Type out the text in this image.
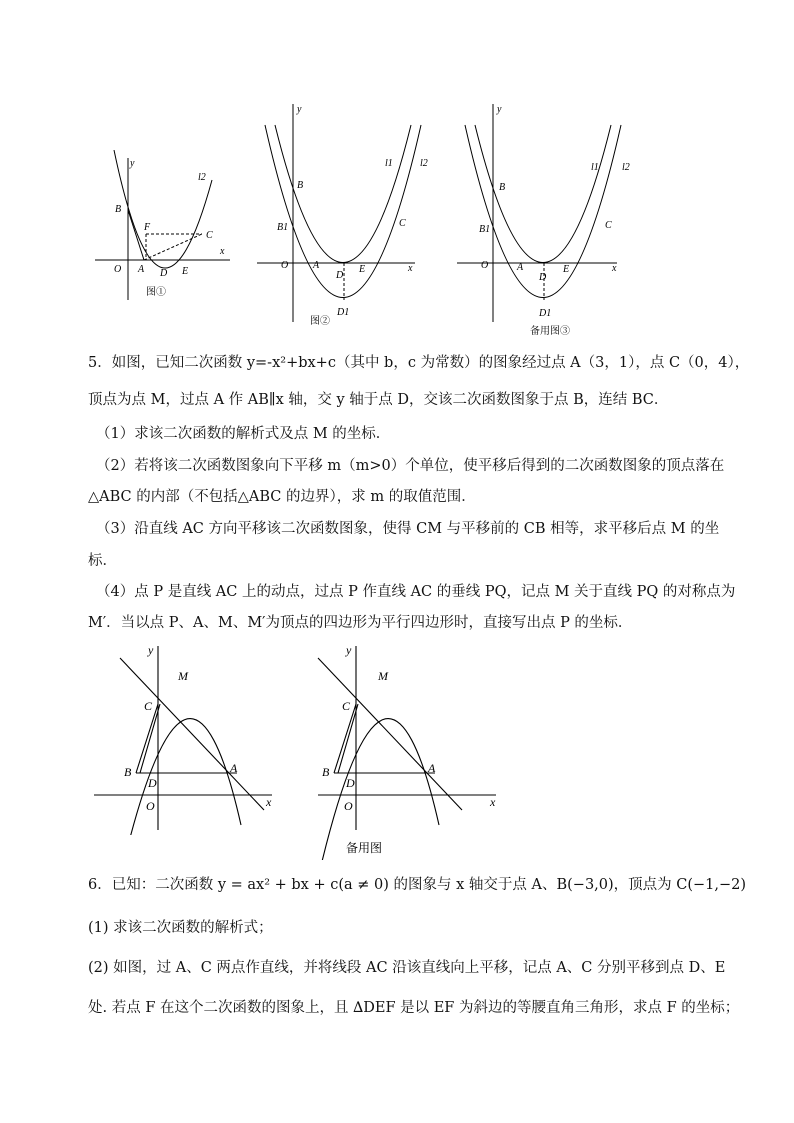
y
x
O A
B
C
D E
F
l2
图①
y
x
O A
B
B1	C
D
D1
E
l1	l2
图②
y
x
O	A
B
B1	C
D
D1
E
l1 l2
备用图③
5．如图，已知二次函数 y=-x²+bx+c（其中 b，c 为常数）的图象经过点 A（3，1），点 C（0，4），
顶点为点 M，过点 A 作 AB∥x 轴，交 y 轴于点 D，交该二次函数图象于点 B，连结 BC．
（1）求该二次函数的解析式及点 M 的坐标．
（2）若将该二次函数图象向下平移 m（m>0）个单位，使平移后得到的二次函数图象的顶点落在
△ABC 的内部（不包括△ABC 的边界），求 m 的取值范围．
（3）沿直线 AC 方向平移该二次函数图象，使得 CM 与平移前的 CB 相等，求平移后点 M 的坐
标．
（4）点 P 是直线 AC 上的动点，过点 P 作直线 AC 的垂线 PQ，记点 M 关于直线 PQ 的对称点为
M′．当以点 P、A、M、M′为顶点的四边形为平行四边形时，直接写出点 P 的坐标．
y
x
M
C
B
D
A
O
y
x
M
C
B
D
A
O
备用图
6．已知：二次函数 y = ax² + bx + c(a ≠ 0) 的图象与 x 轴交于点 A、B(−3,0)，顶点为 C(−1,−2)
(1) 求该二次函数的解析式；
(2) 如图，过 A、C 两点作直线，并将线段 AC 沿该直线向上平移，记点 A、C 分别平移到点 D、E
处. 若点 F 在这个二次函数的图象上，且 ∆DEF 是以 EF 为斜边的等腰直角三角形，求点 F 的坐标；
